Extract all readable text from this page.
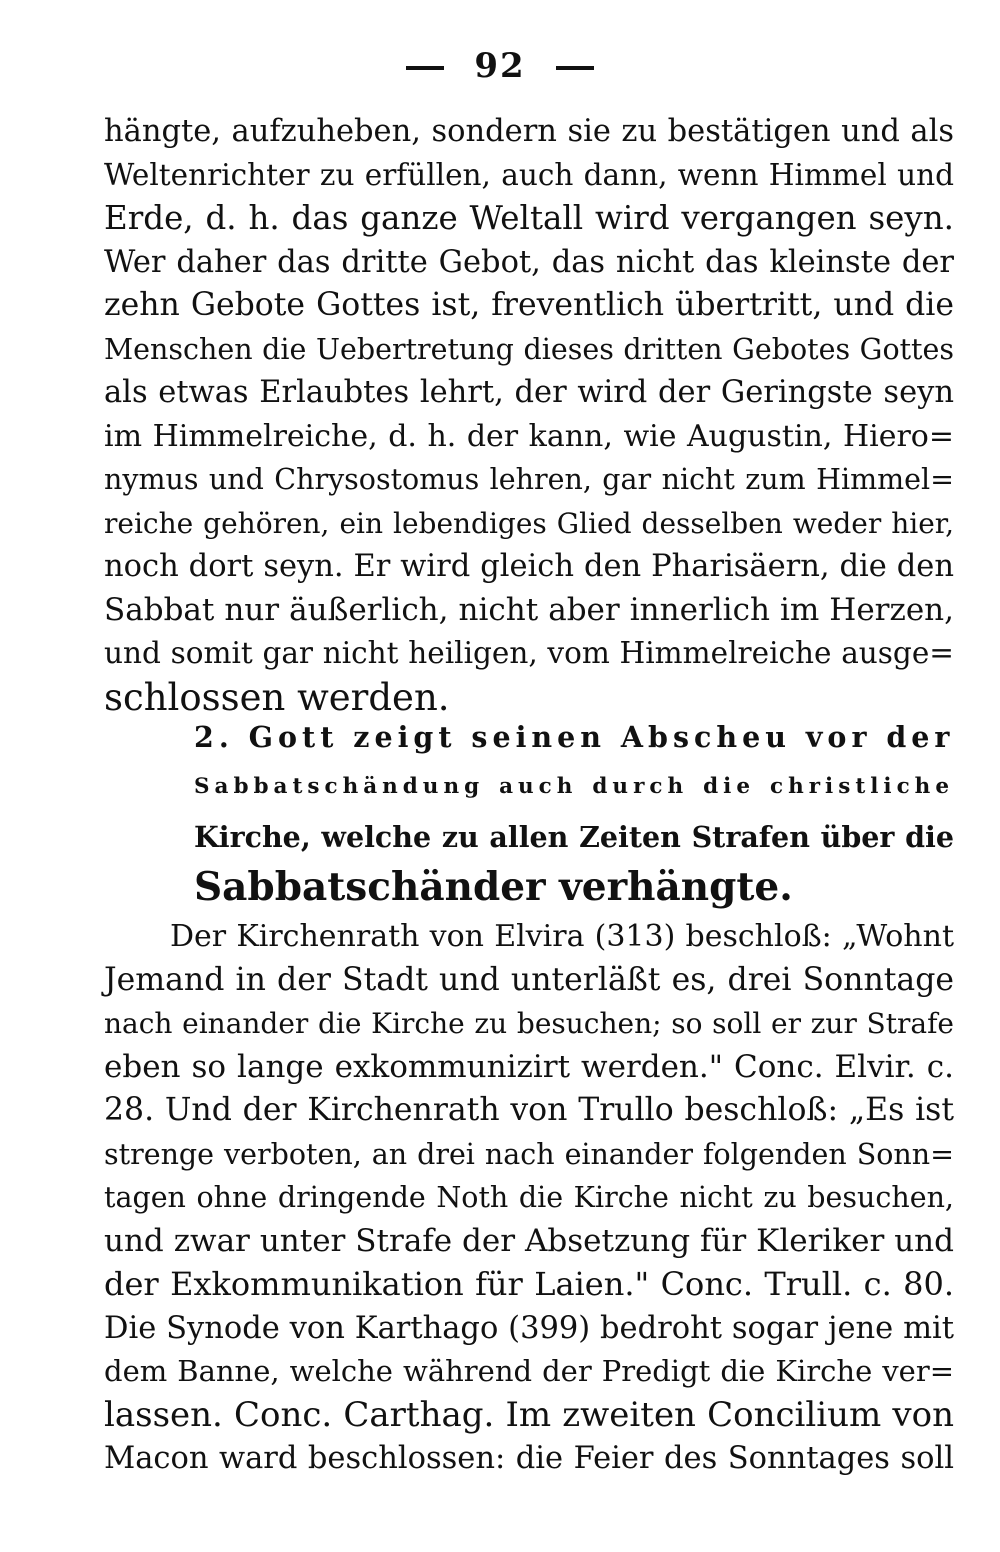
92
hängte, aufzuheben, sondern sie zu bestätigen und als
Weltenrichter zu erfüllen, auch dann, wenn Himmel und
Erde, d. h. das ganze Weltall wird vergangen seyn.
Wer daher das dritte Gebot, das nicht das kleinste der
zehn Gebote Gottes ist, freventlich übertritt, und die
Menschen die Uebertretung dieses dritten Gebotes Gottes
als etwas Erlaubtes lehrt, der wird der Geringste seyn
im Himmelreiche, d. h. der kann, wie Augustin, Hiero=
nymus und Chrysostomus lehren, gar nicht zum Himmel=
reiche gehören, ein lebendiges Glied desselben weder hier,
noch dort seyn. Er wird gleich den Pharisäern, die den
Sabbat nur äußerlich, nicht aber innerlich im Herzen,
und somit gar nicht heiligen, vom Himmelreiche ausge=
schlossen werden.
2. Gott zeigt seinen Abscheu vor der
Sabbatschändung auch durch die christliche
Kirche, welche zu allen Zeiten Strafen über die
Sabbatschänder verhängte.
Der Kirchenrath von Elvira (313) beschloß: „Wohnt
Jemand in der Stadt und unterläßt es, drei Sonntage
nach einander die Kirche zu besuchen; so soll er zur Strafe
eben so lange exkommunizirt werden." Conc. Elvir. c.
28. Und der Kirchenrath von Trullo beschloß: „Es ist
strenge verboten, an drei nach einander folgenden Sonn=
tagen ohne dringende Noth die Kirche nicht zu besuchen,
und zwar unter Strafe der Absetzung für Kleriker und
der Exkommunikation für Laien." Conc. Trull. c. 80.
Die Synode von Karthago (399) bedroht sogar jene mit
dem Banne, welche während der Predigt die Kirche ver=
lassen. Conc. Carthag. Im zweiten Concilium von
Macon ward beschlossen: die Feier des Sonntages soll
